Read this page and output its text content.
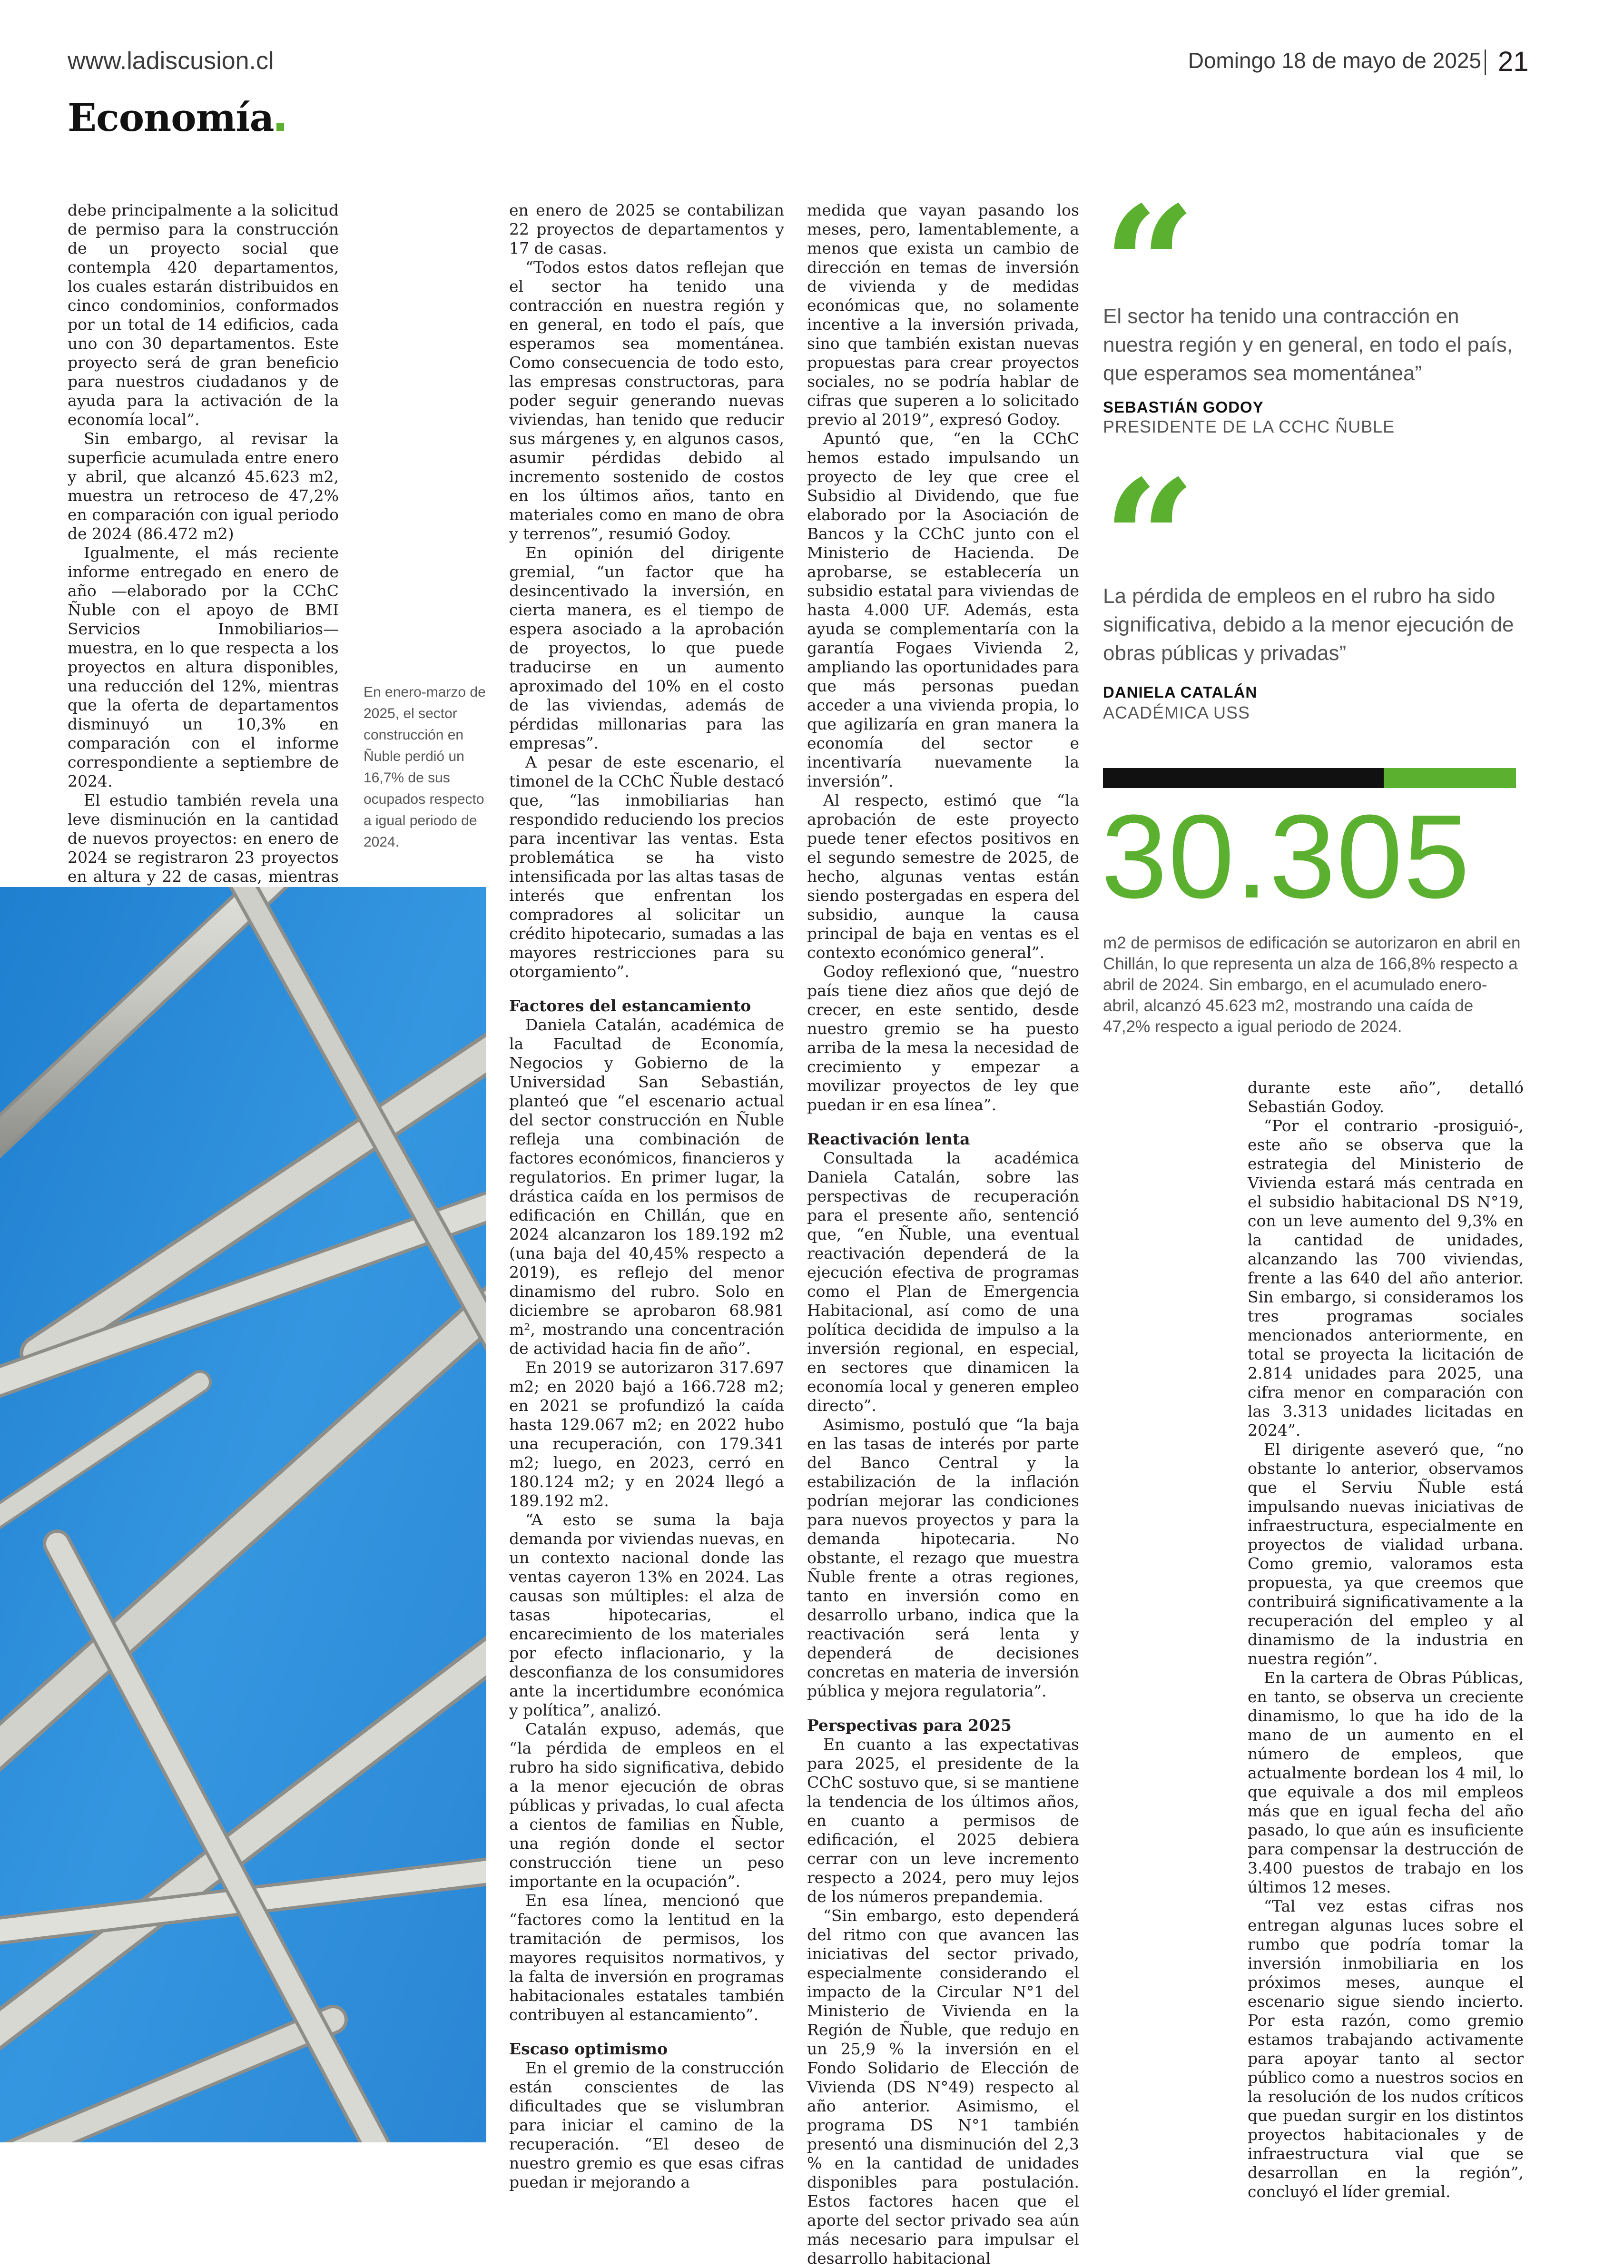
www.ladiscusion.cl	Domingo 18 de mayo de 2025 21
Economía

debe principalmente a la solicitud de permiso para la construcción de un proyecto social que contempla 420 departamentos, los cuales estarán distribuidos en cinco condominios, conformados por un total de 14 edificios, cada uno con 30 departamentos. Este proyecto será de gran beneficio para nuestros ciudadanos y de ayuda para la activación de la economía local”.

Sin embargo, al revisar la superficie acumulada entre enero y abril, que alcanzó 45.623 m2, muestra un retroceso de 47,2% en comparación con igual periodo de 2024 (86.472 m2)

Igualmente, el más reciente informe entregado en enero de año —elaborado por la CChC Ñuble con el apoyo de BMI Servicios Inmobiliarios— muestra, en lo que respecta a los proyectos en altura disponibles, una reducción del 12%, mientras que la oferta de departamentos disminuyó un 10,3% en comparación con el informe correspondiente a septiembre de 2024.

El estudio también revela una leve disminución en la cantidad de nuevos proyectos: en enero de 2024 se registraron 23 proyectos en altura y 22 de casas, mientras

En enero-marzo de 2025, el sector construcción en Ñuble perdió un 16,7% de sus ocupados respecto a igual periodo de 2024.

en enero de 2025 se contabilizan 22 proyectos de departamentos y 17 de casas.

“Todos estos datos reflejan que el sector ha tenido una contracción en nuestra región y en general, en todo el país, que esperamos sea momentánea. Como consecuencia de todo esto, las empresas constructoras, para poder seguir generando nuevas viviendas, han tenido que reducir sus márgenes y, en algunos casos, asumir pérdidas debido al incremento sostenido de costos en los últimos años, tanto en materiales como en mano de obra y terrenos”, resumió Godoy.

En opinión del dirigente gremial, “un factor que ha desincentivado la inversión, en cierta manera, es el tiempo de espera asociado a la aprobación de proyectos, lo que puede traducirse en un aumento aproximado del 10% en el costo de las viviendas, además de pérdidas millonarias para las empresas”.

A pesar de este escenario, el timonel de la CChC Ñuble destacó que, “las inmobiliarias han respondido reduciendo los precios para incentivar las ventas. Esta problemática se ha visto intensificada por las altas tasas de interés que enfrentan los compradores al solicitar un crédito hipotecario, sumadas a las mayores restricciones para su otorgamiento”.

Factores del estancamiento

Daniela Catalán, académica de la Facultad de Economía, Negocios y Gobierno de la Universidad San Sebastián, planteó que “el escenario actual del sector construcción en Ñuble refleja una combinación de factores económicos, financieros y regulatorios. En primer lugar, la drástica caída en los permisos de edificación en Chillán, que en 2024 alcanzaron los 189.192 m2 (una baja del 40,45% respecto a 2019), es reflejo del menor dinamismo del rubro. Solo en diciembre se aprobaron 68.981 m², mostrando una concentración de actividad hacia fin de año”.

En 2019 se autorizaron 317.697 m2; en 2020 bajó a 166.728 m2; en 2021 se profundizó la caída hasta 129.067 m2; en 2022 hubo una recuperación, con 179.341 m2; luego, en 2023, cerró en 180.124 m2; y en 2024 llegó a 189.192 m2.

“A esto se suma la baja demanda por viviendas nuevas, en un contexto nacional donde las ventas cayeron 13% en 2024. Las causas son múltiples: el alza de tasas hipotecarias, el encarecimiento de los materiales por efecto inflacionario, y la desconfianza de los consumidores ante la incertidumbre económica y política”, analizó.

Catalán expuso, además, que “la pérdida de empleos en el rubro ha sido significativa, debido a la menor ejecución de obras públicas y privadas, lo cual afecta a cientos de familias en Ñuble, una región donde el sector construcción tiene un peso importante en la ocupación”.

En esa línea, mencionó que “factores como la lentitud en la tramitación de permisos, los mayores requisitos normativos, y la falta de inversión en programas habitacionales estatales también contribuyen al estancamiento”.

Escaso optimismo

En el gremio de la construcción están conscientes de las dificultades que se vislumbran para iniciar el camino de la recuperación. “El deseo de nuestro gremio es que esas cifras puedan ir mejorando a

medida que vayan pasando los meses, pero, lamentablemente, a menos que exista un cambio de dirección en temas de inversión de vivienda y de medidas económicas que, no solamente incentive a la inversión privada, sino que también existan nuevas propuestas para crear proyectos sociales, no se podría hablar de cifras que superen a lo solicitado previo al 2019”, expresó Godoy.

Apuntó que, “en la CChC hemos estado impulsando un proyecto de ley que cree el Subsidio al Dividendo, que fue elaborado por la Asociación de Bancos y la CChC junto con el Ministerio de Hacienda. De aprobarse, se establecería un subsidio estatal para viviendas de hasta 4.000 UF. Además, esta ayuda se complementaría con la garantía Fogaes Vivienda 2, ampliando las oportunidades para que más personas puedan acceder a una vivienda propia, lo que agilizaría en gran manera la economía del sector e incentivaría nuevamente la inversión”.

Al respecto, estimó que “la aprobación de este proyecto puede tener efectos positivos en el segundo semestre de 2025, de hecho, algunas ventas están siendo postergadas en espera del subsidio, aunque la causa principal de baja en ventas es el contexto económico general”.

Godoy reflexionó que, “nuestro país tiene diez años que dejó de crecer, en este sentido, desde nuestro gremio se ha puesto arriba de la mesa la necesidad de crecimiento y empezar a movilizar proyectos de ley que puedan ir en esa línea”.

Reactivación lenta

Consultada la académica Daniela Catalán, sobre las perspectivas de recuperación para el presente año, sentenció que, “en Ñuble, una eventual reactivación dependerá de la ejecución efectiva de programas como el Plan de Emergencia Habitacional, así como de una política decidida de impulso a la inversión regional, en especial, en sectores que dinamicen la economía local y generen empleo directo”.

Asimismo, postuló que “la baja en las tasas de interés por parte del Banco Central y la estabilización de la inflación podrían mejorar las condiciones para nuevos proyectos y para la demanda hipotecaria. No obstante, el rezago que muestra Ñuble frente a otras regiones, tanto en inversión como en desarrollo urbano, indica que la reactivación será lenta y dependerá de decisiones concretas en materia de inversión pública y mejora regulatoria”.

Perspectivas para 2025

En cuanto a las expectativas para 2025, el presidente de la CChC sostuvo que, si se mantiene la tendencia de los últimos años, en cuanto a permisos de edificación, el 2025 debiera cerrar con un leve incremento respecto a 2024, pero muy lejos de los números prepandemia.

“Sin embargo, esto dependerá del ritmo con que avancen las iniciativas del sector privado, especialmente considerando el impacto de la Circular N°1 del Ministerio de Vivienda en la Región de Ñuble, que redujo en un 25,9 % la inversión en el Fondo Solidario de Elección de Vivienda (DS N°49) respecto al año anterior. Asimismo, el programa DS N°1 también presentó una disminución del 2,3 % en la cantidad de unidades disponibles para postulación. Estos factores hacen que el aporte del sector privado sea aún más necesario para impulsar el desarrollo habitacional

“
El sector ha tenido una contracción en nuestra región y en general, en todo el país, que esperamos sea momentánea”
SEBASTIÁN GODOY
PRESIDENTE DE LA CCHC ÑUBLE
“
La pérdida de empleos en el rubro ha sido significativa, debido a la menor ejecución de obras públicas y privadas”
DANIELA CATALÁN
ACADÉMICA USS
30.305
m2 de permisos de edificación se autorizaron en abril en Chillán, lo que representa un alza de 166,8% respecto a abril de 2024. Sin embargo, en el acumulado enero-abril, alcanzó 45.623 m2, mostrando una caída de 47,2% respecto a igual periodo de 2024.

durante este año”, detalló Sebastián Godoy.

“Por el contrario -prosiguió-, este año se observa que la estrategia del Ministerio de Vivienda estará más centrada en el subsidio habitacional DS N°19, con un leve aumento del 9,3% en la cantidad de unidades, alcanzando las 700 viviendas, frente a las 640 del año anterior. Sin embargo, si consideramos los tres programas sociales mencionados anteriormente, en total se proyecta la licitación de 2.814 unidades para 2025, una cifra menor en comparación con las 3.313 unidades licitadas en 2024”.

El dirigente aseveró que, “no obstante lo anterior, observamos que el Serviu Ñuble está impulsando nuevas iniciativas de infraestructura, especialmente en proyectos de vialidad urbana. Como gremio, valoramos esta propuesta, ya que creemos que contribuirá significativamente a la recuperación del empleo y al dinamismo de la industria en nuestra región”.

En la cartera de Obras Públicas, en tanto, se observa un creciente dinamismo, lo que ha ido de la mano de un aumento en el número de empleos, que actualmente bordean los 4 mil, lo que equivale a dos mil empleos más que en igual fecha del año pasado, lo que aún es insuficiente para compensar la destrucción de 3.400 puestos de trabajo en los últimos 12 meses.

“Tal vez estas cifras nos entregan algunas luces sobre el rumbo que podría tomar la inversión inmobiliaria en los próximos meses, aunque el escenario sigue siendo incierto. Por esta razón, como gremio estamos trabajando activamente para apoyar tanto al sector público como a nuestros socios en la resolución de los nudos críticos que puedan surgir en los distintos proyectos habitacionales y de infraestructura vial que se desarrollan en la región”, concluyó el líder gremial.
